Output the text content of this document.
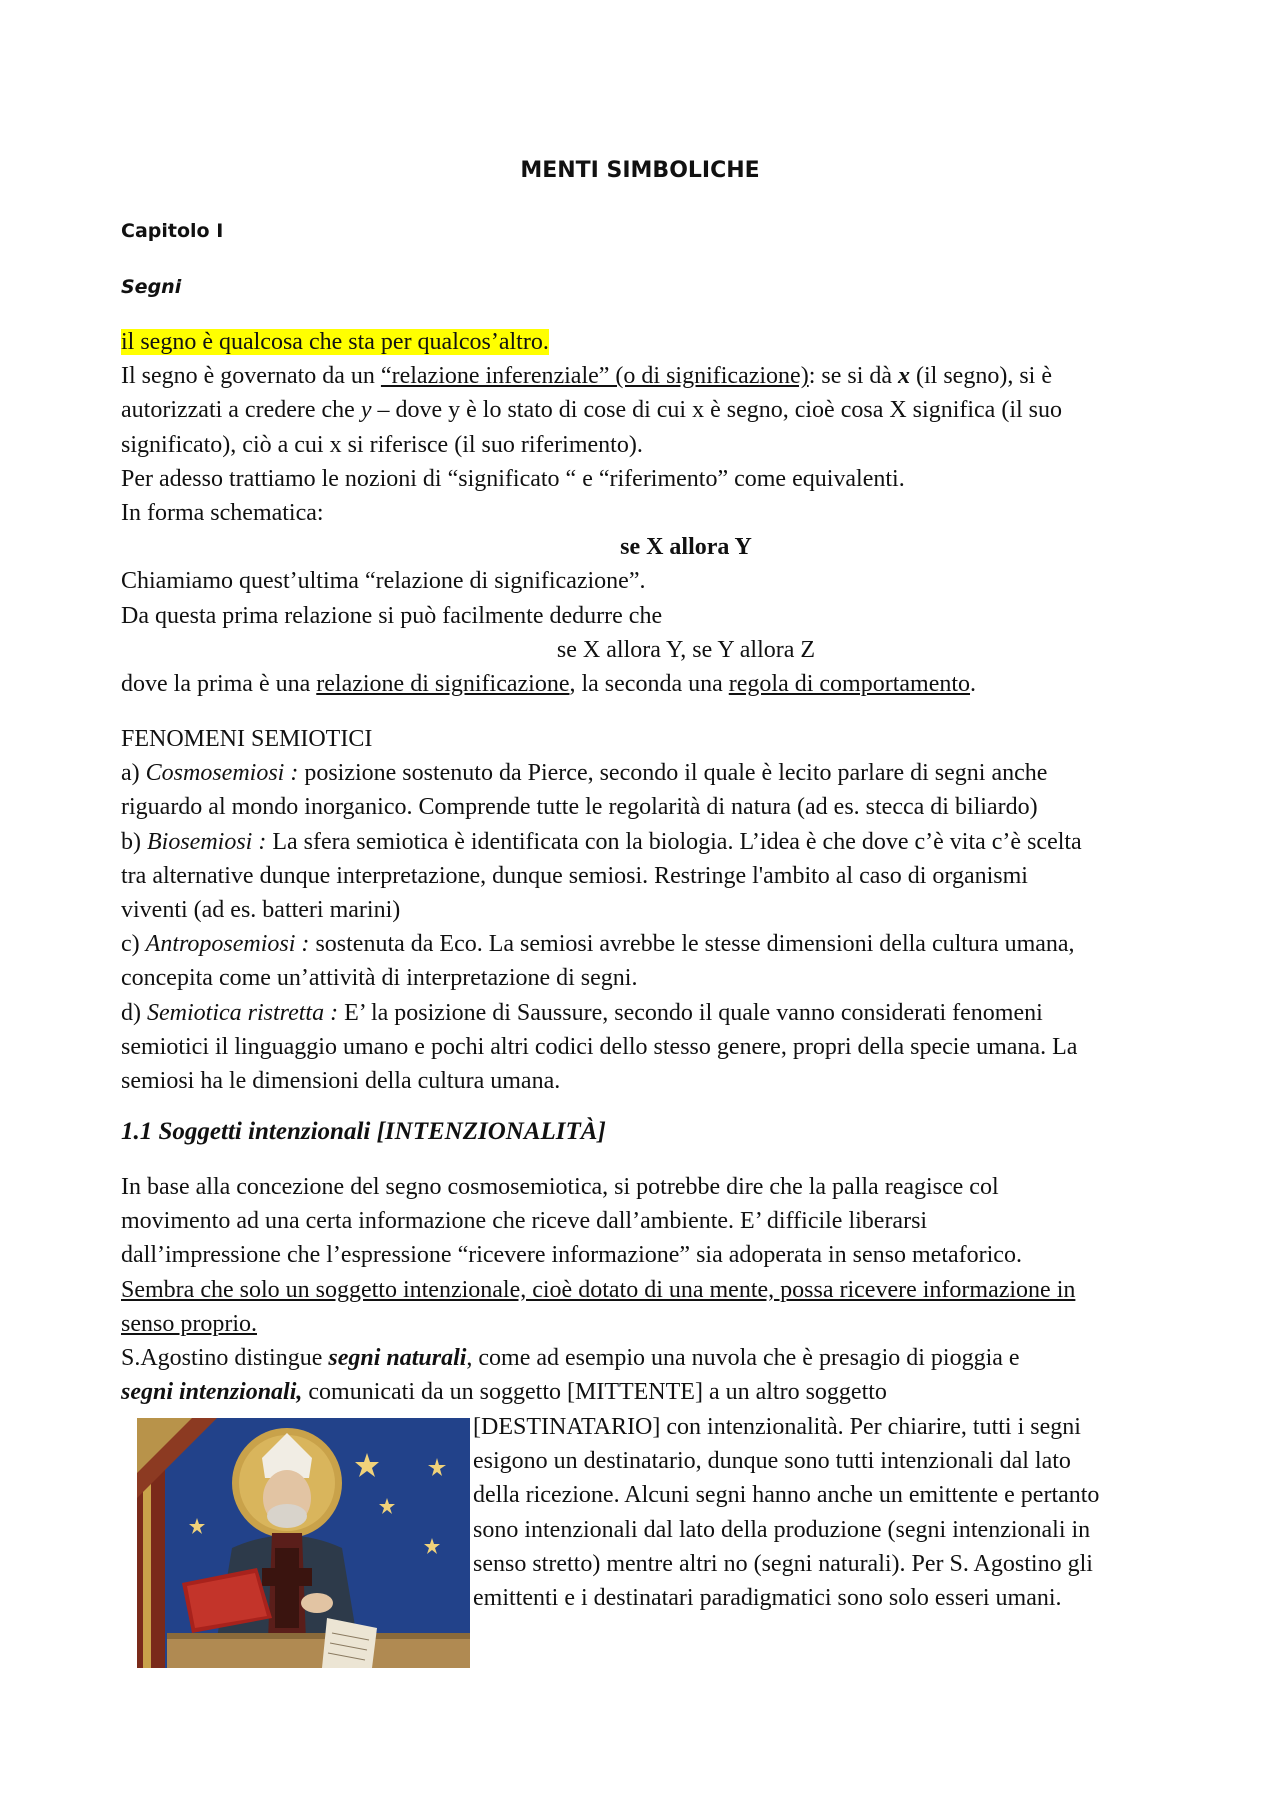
MENTI SIMBOLICHE
Capitolo I
Segni
il segno è qualcosa che sta per qualcos’altro.
Il segno è governato da un “relazione inferenziale” (o di significazione): se si dà x (il segno), si è
autorizzati a credere che y – dove y è lo stato di cose di cui x è segno, cioè cosa X significa (il suo
significato), ciò a cui x si riferisce (il suo riferimento).
Per adesso trattiamo le nozioni di “significato “ e “riferimento” come equivalenti.
In forma schematica:
se X allora Y
Chiamiamo quest’ultima “relazione di significazione”.
Da questa prima relazione si può facilmente dedurre che
se X allora Y, se Y allora Z
dove la prima è una relazione di significazione, la seconda una regola di comportamento.
FENOMENI SEMIOTICI
a) Cosmosemiosi : posizione sostenuto da Pierce, secondo il quale è lecito parlare di segni anche
riguardo al mondo inorganico. Comprende tutte le regolarità di natura (ad es. stecca di biliardo)
b) Biosemiosi : La sfera semiotica è identificata con la biologia. L’idea è che dove c’è vita c’è scelta
tra alternative dunque interpretazione, dunque semiosi. Restringe l'ambito al caso di organismi
viventi (ad es. batteri marini)
c) Antroposemiosi : sostenuta da Eco. La semiosi avrebbe le stesse dimensioni della cultura umana,
concepita come un’attività di interpretazione di segni.
d) Semiotica ristretta : E’ la posizione di Saussure, secondo il quale vanno considerati fenomeni
semiotici il linguaggio umano e pochi altri codici dello stesso genere, propri della specie umana. La
semiosi ha le dimensioni della cultura umana.
1.1 Soggetti intenzionali [INTENZIONALITÀ]
In base alla concezione del segno cosmosemiotica, si potrebbe dire che la palla reagisce col
movimento ad una certa informazione che riceve dall’ambiente. E’ difficile liberarsi
dall’impressione che l’espressione “ricevere informazione” sia adoperata in senso metaforico.
Sembra che solo un soggetto intenzionale, cioè dotato di una mente, possa ricevere informazione in
senso proprio.
S.Agostino distingue segni naturali, come ad esempio una nuvola che è presagio di pioggia e
segni intenzionali, comunicati da un soggetto [MITTENTE] a un altro soggetto
[DESTINATARIO] con intenzionalità. Per chiarire, tutti i segni
esigono un destinatario, dunque sono tutti intenzionali dal lato
della ricezione. Alcuni segni hanno anche un emittente e pertanto
sono intenzionali dal lato della produzione (segni intenzionali in
senso stretto) mentre altri no (segni naturali). Per S. Agostino gli
emittenti e i destinatari paradigmatici sono solo esseri umani.
